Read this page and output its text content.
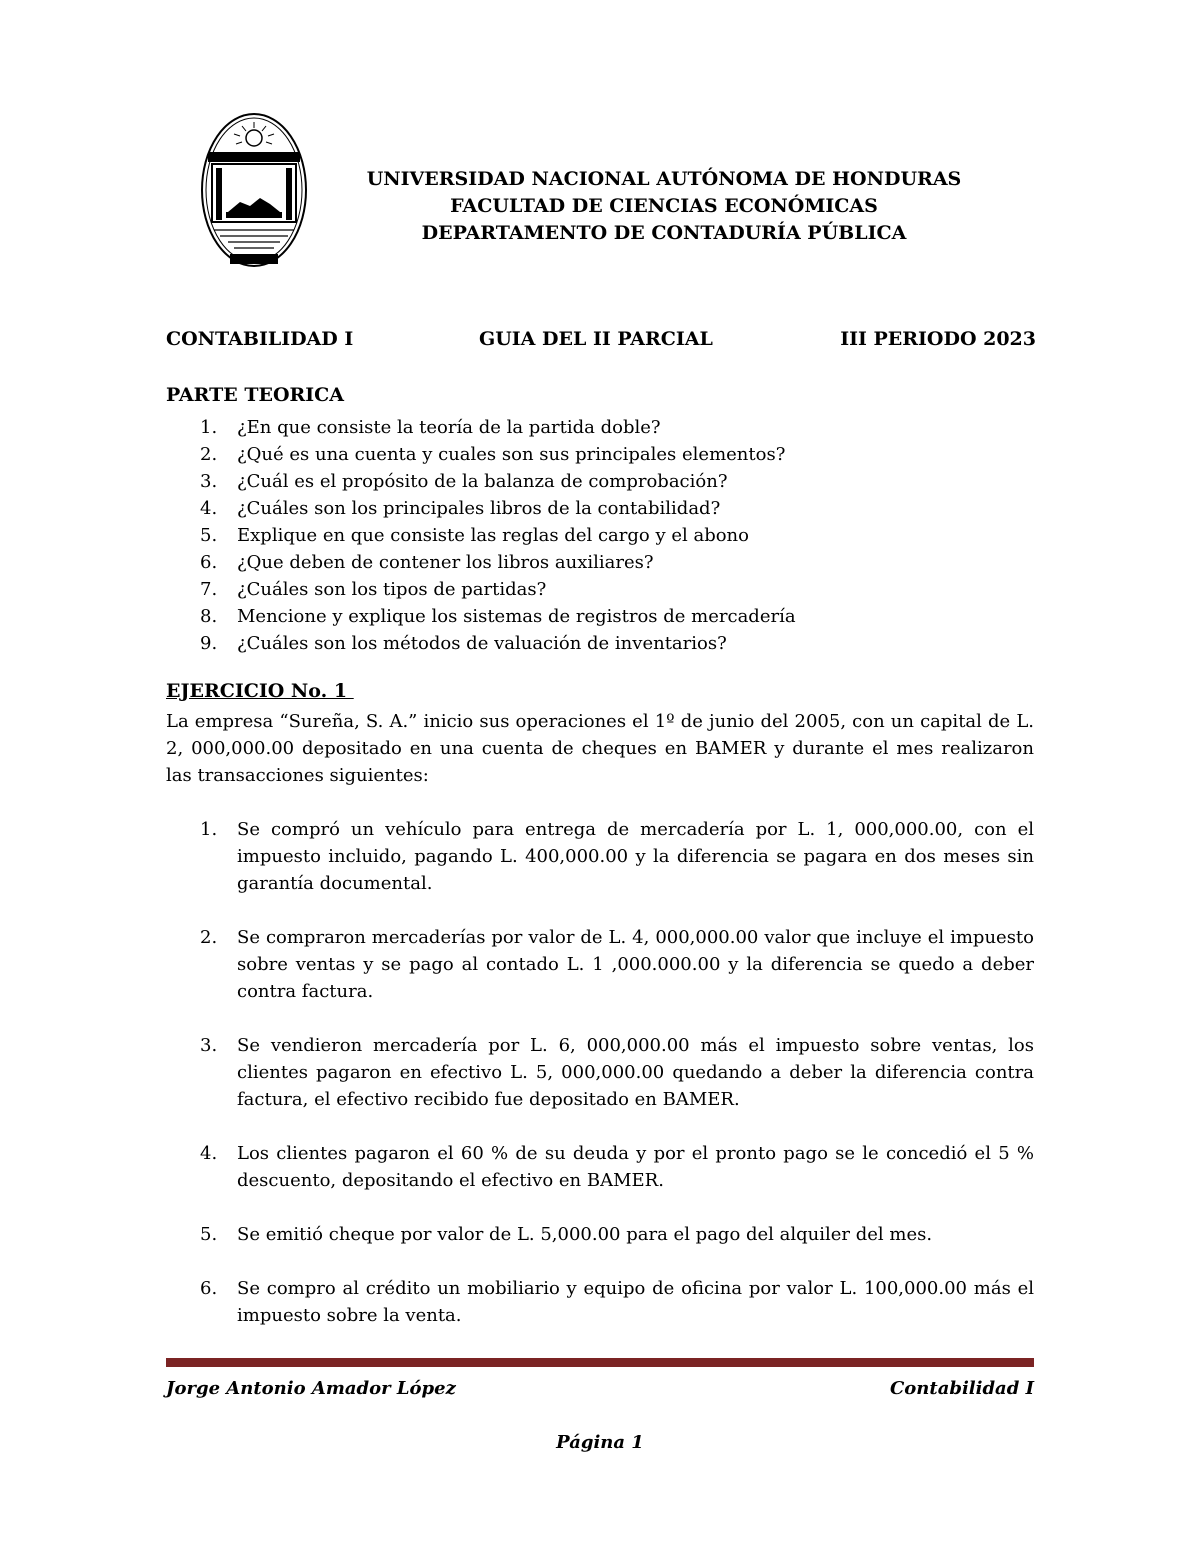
UNIVERSIDAD NACIONAL AUTÓNOMA DE HONDURAS
FACULTAD DE CIENCIAS ECONÓMICAS
DEPARTAMENTO DE CONTADURÍA PÚBLICA
CONTABILIDAD I	GUIA DEL II PARCIAL	III PERIODO 2023
PARTE TEORICA
1. ¿En que consiste la teoría de la partida doble?
2. ¿Qué es una cuenta y cuales son sus principales elementos?
3. ¿Cuál es el propósito de la balanza de comprobación?
4. ¿Cuáles son los principales libros de la contabilidad?
5. Explique en que consiste las reglas del cargo y el abono
6. ¿Que deben de contener los libros auxiliares?
7. ¿Cuáles son los tipos de partidas?
8. Mencione y explique los sistemas de registros de mercadería
9. ¿Cuáles son los métodos de valuación de inventarios?
EJERCICIO No. 1
La empresa “Sureña, S. A.” inicio sus operaciones el 1º de junio del 2005, con un capital de L. 2, 000,000.00 depositado en una cuenta de cheques en BAMER y durante el mes realizaron las transacciones siguientes:
1. Se compró un vehículo para entrega de mercadería por L. 1, 000,000.00, con el impuesto incluido, pagando L. 400,000.00 y la diferencia se pagara en dos meses sin garantía documental.
2. Se compraron mercaderías por valor de L. 4, 000,000.00 valor que incluye el impuesto sobre ventas y se pago al contado L. 1 ,000.000.00 y la diferencia se quedo a deber contra factura.
3. Se vendieron mercadería por L. 6, 000,000.00 más el impuesto sobre ventas, los clientes pagaron en efectivo L. 5, 000,000.00 quedando a deber la diferencia contra factura, el efectivo recibido fue depositado en BAMER.
4. Los clientes pagaron el 60 % de su deuda y por el pronto pago se le concedió el 5 % descuento, depositando el efectivo en BAMER.
5. Se emitió cheque por valor de L. 5,000.00 para el pago del alquiler del mes.
6. Se compro al crédito un mobiliario y equipo de oficina por valor L. 100,000.00 más el impuesto sobre la venta.
Jorge Antonio Amador López	Contabilidad I
Página 1
